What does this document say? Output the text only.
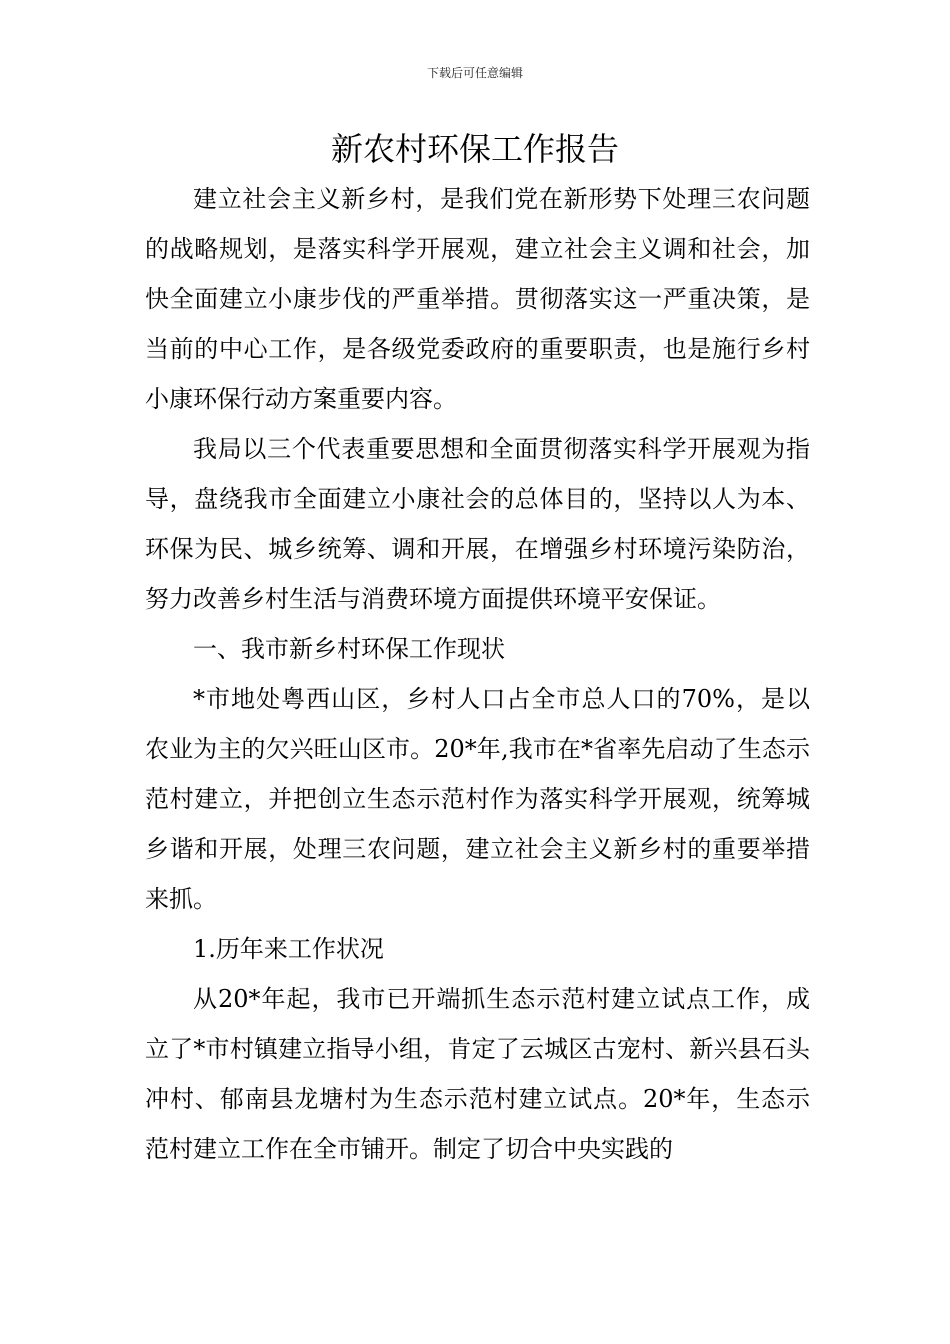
下载后可任意编辑
新农村环保工作报告

建立社会主义新乡村，是我们党在新形势下处理三农问题的战略规划，是落实科学开展观，建立社会主义调和社会，加快全面建立小康步伐的严重举措。贯彻落实这一严重决策，是当前的中心工作，是各级党委政府的重要职责，也是施行乡村小康环保行动方案重要内容。

我局以三个代表重要思想和全面贯彻落实科学开展观为指导，盘绕我市全面建立小康社会的总体目的，坚持以人为本、环保为民、城乡统筹、调和开展，在增强乡村环境污染防治，努力改善乡村生活与消费环境方面提供环境平安保证。

一、我市新乡村环保工作现状

*市地处粤西山区，乡村人口占全市总人口的70%，是以农业为主的欠兴旺山区市。20*年,我市在*省率先启动了生态示范村建立，并把创立生态示范村作为落实科学开展观，统筹城乡谐和开展，处理三农问题，建立社会主义新乡村的重要举措来抓。

1.历年来工作状况

从20*年起，我市已开端抓生态示范村建立试点工作，成立了*市村镇建立指导小组，肯定了云城区古宠村、新兴县石头冲村、郁南县龙塘村为生态示范村建立试点。20*年，生态示范村建立工作在全市铺开。制定了切合中央实践的
